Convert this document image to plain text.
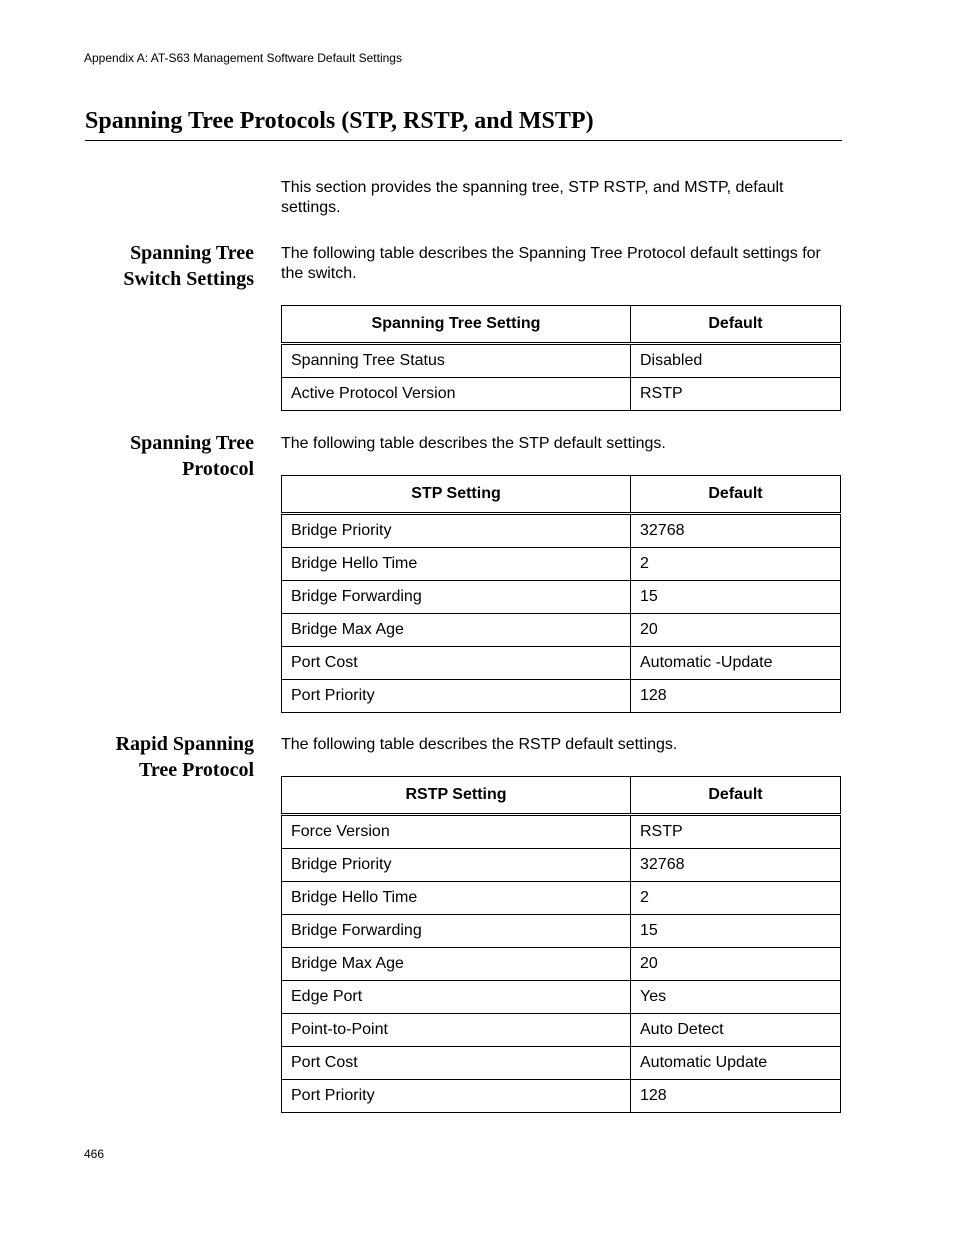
Appendix A: AT-S63 Management Software Default Settings
Spanning Tree Protocols (STP, RSTP, and MSTP)

This section provides the spanning tree, STP RSTP, and MSTP, default settings.

Spanning Tree
Switch Settings

The following table describes the Spanning Tree Protocol default settings for the switch.

Spanning Tree Setting	Default
Spanning Tree Status	Disabled
Active Protocol Version	RSTP
Spanning Tree
Protocol

The following table describes the STP default settings.

STP Setting	Default
Bridge Priority	32768
Bridge Hello Time	2
Bridge Forwarding	15
Bridge Max Age	20
Port Cost	Automatic -Update
Port Priority	128
Rapid Spanning
Tree Protocol

The following table describes the RSTP default settings.

RSTP Setting	Default
Force Version	RSTP
Bridge Priority	32768
Bridge Hello Time	2
Bridge Forwarding	15
Bridge Max Age	20
Edge Port	Yes
Point-to-Point	Auto Detect
Port Cost	Automatic Update
Port Priority	128
466
